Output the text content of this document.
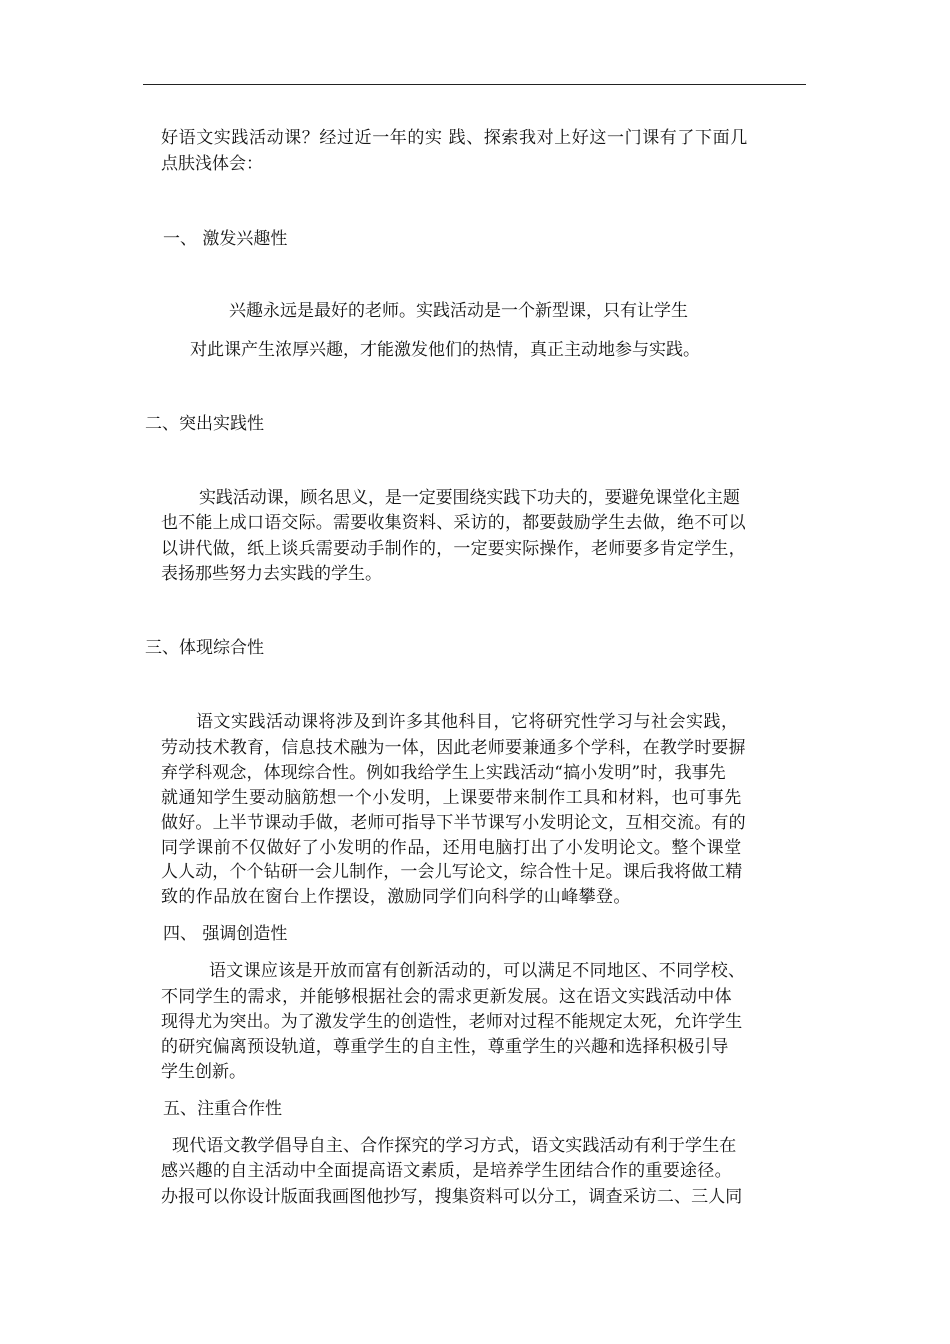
好语文实践活动课？经过近一年的实 践、探索我对上好这一门课有了下面几
点肤浅体会：
一、 激发兴趣性
兴趣永远是最好的老师。实践活动是一个新型课，只有让学生
对此课产生浓厚兴趣，才能激发他们的热情，真正主动地参与实践。
二、突出实践性
实践活动课，顾名思义，是一定要围绕实践下功夫的，要避免课堂化主题
也不能上成口语交际。需要收集资料、采访的，都要鼓励学生去做，绝不可以
以讲代做，纸上谈兵需要动手制作的，一定要实际操作，老师要多肯定学生，
表扬那些努力去实践的学生。
三、体现综合性
语文实践活动课将涉及到许多其他科目，它将研究性学习与社会实践，
劳动技术教育，信息技术融为一体，因此老师要兼通多个学科，在教学时要摒
弃学科观念，体现综合性。例如我给学生上实践活动“搞小发明”时，我事先
就通知学生要动脑筋想一个小发明，上课要带来制作工具和材料，也可事先
做好。上半节课动手做，老师可指导下半节课写小发明论文，互相交流。有的
同学课前不仅做好了小发明的作品，还用电脑打出了小发明论文。整个课堂
人人动，个个钻研一会儿制作，一会儿写论文，综合性十足。课后我将做工精
致的作品放在窗台上作摆设，激励同学们向科学的山峰攀登。
四、 强调创造性
语文课应该是开放而富有创新活动的，可以满足不同地区、不同学校、
不同学生的需求，并能够根据社会的需求更新发展。这在语文实践活动中体
现得尤为突出。为了激发学生的创造性，老师对过程不能规定太死，允许学生
的研究偏离预设轨道，尊重学生的自主性，尊重学生的兴趣和选择积极引导
学生创新。
五、注重合作性
现代语文教学倡导自主、合作探究的学习方式，语文实践活动有利于学生在
感兴趣的自主活动中全面提高语文素质，是培养学生团结合作的重要途径。
办报可以你设计版面我画图他抄写，搜集资料可以分工，调查采访二、三人同
